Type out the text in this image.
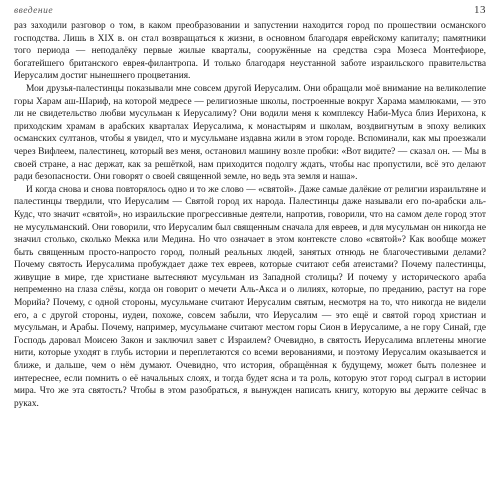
введение	13

раз заходили разговор о том, в каком преобразовании и запустении находится город по прошествии османского господства. Лишь в XIX в. он стал возвращаться к жизни, в основном благодаря еврейскому капиталу; памятники того периода — неподалёку первые жилые кварталы, сооружённые на средства сэра Мозеса Монтефиоре, богатейшего британского еврея-филантропа. И только благодаря неустанной заботе израильского правительства Иерусалим достиг нынешнего процветания.

Мои друзья-палестинцы показывали мне совсем другой Иерусалим. Они обращали моё внимание на великолепие горы Харам аш-Шариф, на которой медресе — религиозные школы, построенные вокруг Харама мамлюками, — это ли не свидетельство любви мусульман к Иерусалиму? Они водили меня к комплексу Наби-Муса близ Иерихона, к приходским храмам в арабских кварталах Иерусалима, к монастырям и школам, воздвигнутым в эпоху великих османских султанов, чтобы я увидел, что и мусульмане издавна жили в этом городе. Вспоминали, как мы проезжали через Вифлеем, палестинец, который вез меня, остановил машину возле пробки: «Вот видите? — сказал он. — Мы в своей стране, а нас держат, как за решёткой, нам приходится подолгу ждать, чтобы нас пропустили, всё это делают ради безопасности. Они говорят о своей священной земле, но ведь эта земля и наша».

И когда снова и снова повторялось одно и то же слово — «святой». Даже самые далёкие от религии израильтяне и палестинцы твердили, что Иерусалим — Святой город их народа. Палестинцы даже называли его по-арабски аль-Кудс, что значит «святой», но израильские прогрессивные деятели, напротив, говорили, что на самом деле город этот не мусульманский. Они говорили, что Иерусалим был священным сначала для евреев, и для мусульман он никогда не значил столько, сколько Мекка или Медина. Но что означает в этом контексте слово «святой»? Как вообще может быть священным просто-напросто город, полный реальных людей, занятых отнюдь не благочестивыми делами? Почему святость Иерусалима пробуждает даже тех евреев, которые считают себя атеистами? Почему палестинцы, живущие в мире, где христиане вытесняют мусульман из Западной столицы? И почему у исторического араба непременно на глаза слёзы, когда он говорит о мечети Аль-Акса и о лилиях, которые, по преданию, растут на горе Морийа? Почему, с одной стороны, мусульмане считают Иерусалим святым, несмотря на то, что никогда не видели его, а с другой стороны, иудеи, похоже, совсем забыли, что Иерусалим — это ещё и святой город христиан и мусульман, и Арабы. Почему, например, мусульмане считают местом горы Сион в Иерусалиме, а не гору Синай, где Господь даровал Моисею Закон и заключил завет с Израилем? Очевидно, в святость Иерусалима вплетены многие нити, которые уходят в глубь истории и переплетаются со всеми верованиями, и поэтому Иерусалим оказывается и ближе, и дальше, чем о нём думают. Очевидно, что история, обращённая к будущему, может быть полезнее и интереснее, если помнить о её начальных слоях, и тогда будет ясна и та роль, которую этот город сыграл в истории мира. Что же эта святость? Чтобы в этом разобраться, я вынужден написать книгу, которую вы держите сейчас в руках.
